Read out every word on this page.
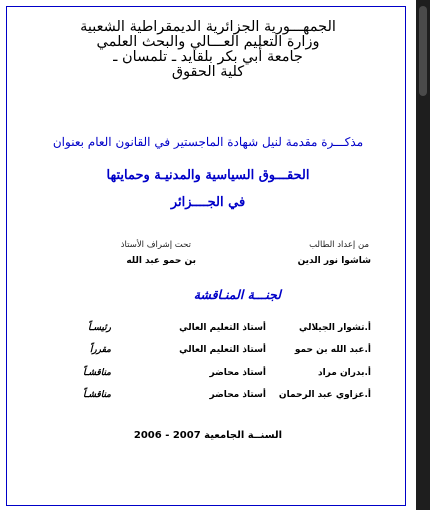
الجمهـــورية الجزائرية الديمقراطية الشعبية
وزارة التعليم العـــالي والبحث العلمي
جامعة أبي بكر بلقايد ـ تلمسان ـ
كلية الحقوق
مذكـــرة مقدمة لنيل شهادة الماجستير في القانون العام بعنوان
الحقـــوق السياسية والمدنيـة وحمايتها
في الجــــزائر
من إعداد الطالب
شاشوا نور الدين
تحت إشراف الأستاذ
بن حمو عبد الله
لجنـــة المنـاقشة
أ.تشوار الجيلالي
أستاذ التعليم العالي
رئيسـاً
أ.عبد الله بن حمو
أستاذ التعليم العالي
مقرراً
أ.بدران مراد
أستاذ محاضر
مناقشـاً
أ.عزاوي عبد الرحمان
أستاذ محاضر
مناقشـاً
السنــة الجامعية 2006 - 2007
